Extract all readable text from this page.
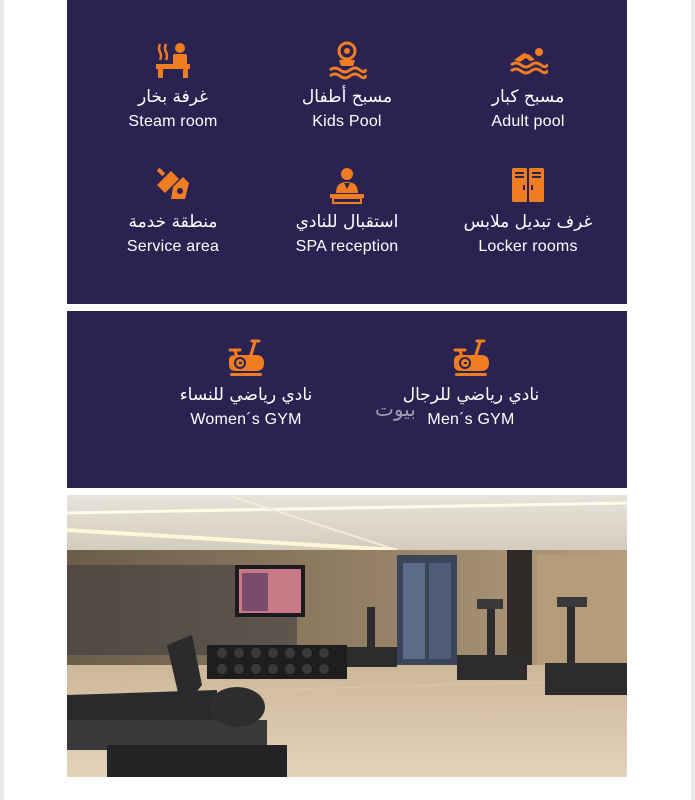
مسبح كبار
Adult pool
مسبح أطفال
Kids Pool
غرفة بخار
Steam room
غرف تبديل ملابس
Locker rooms
استقبال للنادي
SPA reception
منطقة خدمة
Service area
نادي رياضي للرجال
Men´s GYM
نادي رياضي للنساء
Women´s GYM	بيوت
